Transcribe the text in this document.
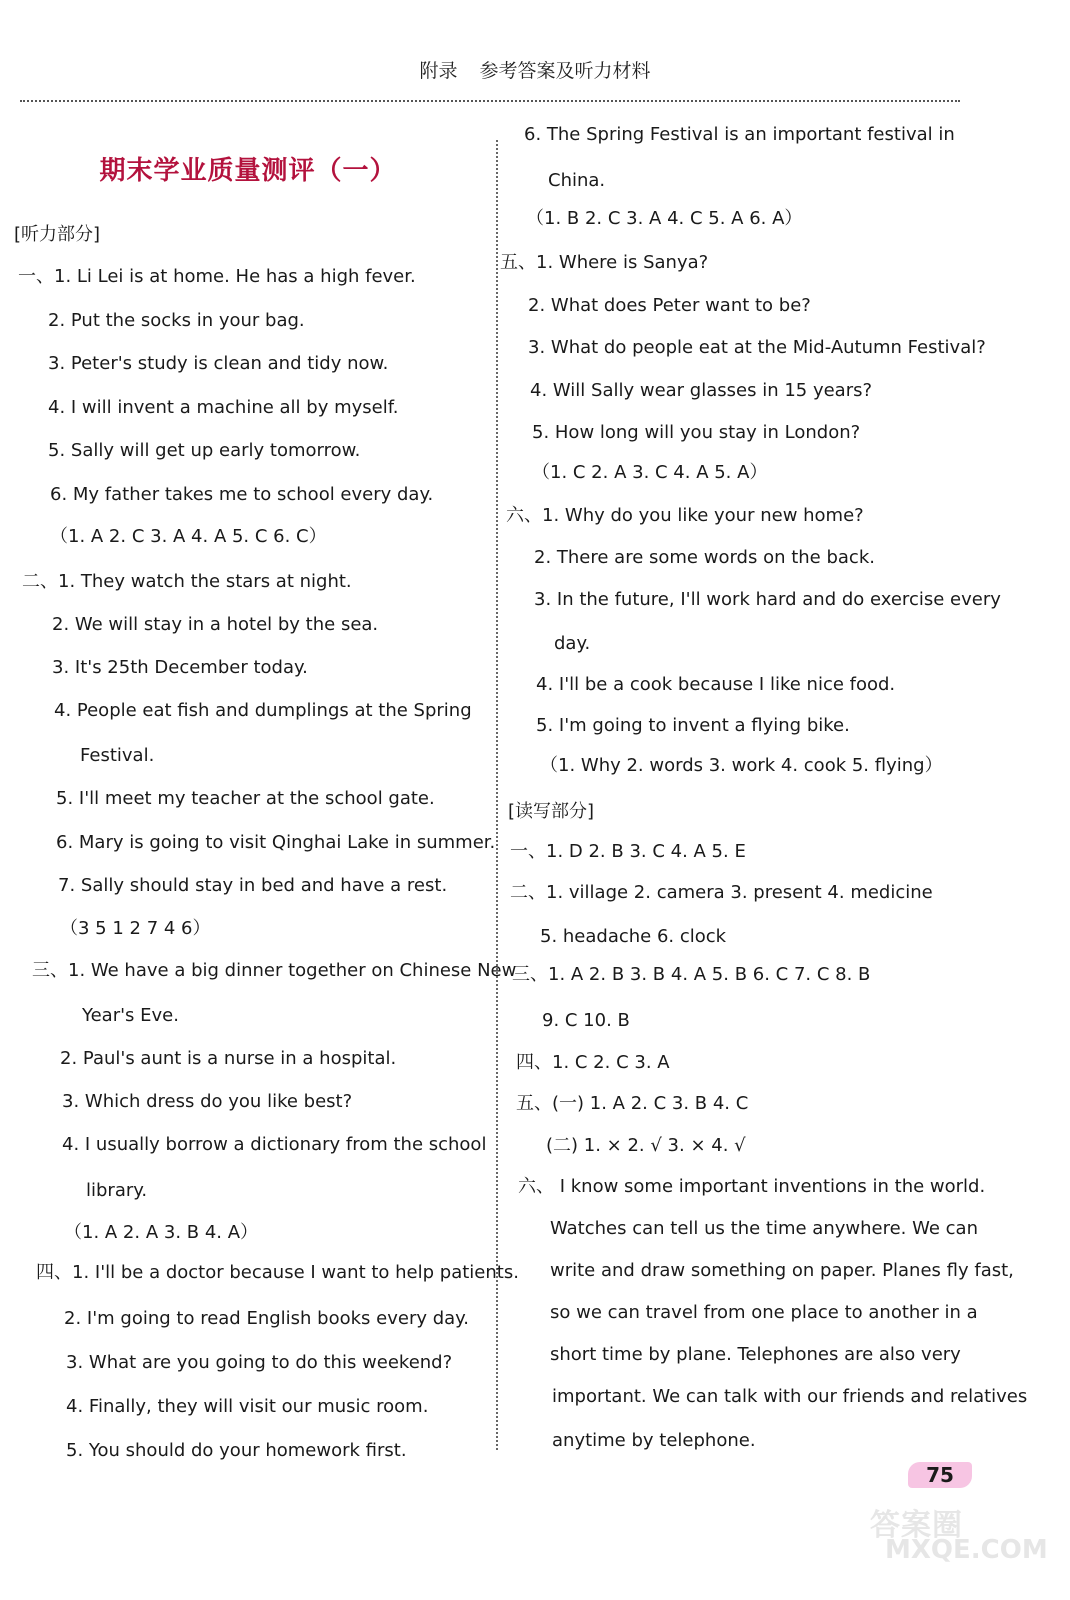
附录 参考答案及听力材料
期末学业质量测评（一）
[听力部分]
一、1. Li Lei is at home. He has a high fever.
2. Put the socks in your bag.
3. Peter's study is clean and tidy now.
4. I will invent a machine all by myself.
5. Sally will get up early tomorrow.
6. My father takes me to school every day.
（1. A 2. C 3. A 4. A 5. C 6. C）
二、1. They watch the stars at night.
2. We will stay in a hotel by the sea.
3. It's 25th December today.
4. People eat fish and dumplings at the Spring
Festival.
5. I'll meet my teacher at the school gate.
6. Mary is going to visit Qinghai Lake in summer.
7. Sally should stay in bed and have a rest.
（3 5 1 2 7 4 6）
三、1. We have a big dinner together on Chinese New
Year's Eve.
2. Paul's aunt is a nurse in a hospital.
3. Which dress do you like best?
4. I usually borrow a dictionary from the school
library.
（1. A 2. A 3. B 4. A）
四、1. I'll be a doctor because I want to help patients.
2. I'm going to read English books every day.
3. What are you going to do this weekend?
4. Finally, they will visit our music room.
5. You should do your homework first.
6. The Spring Festival is an important festival in
China.
（1. B 2. C 3. A 4. C 5. A 6. A）
五、1. Where is Sanya?
2. What does Peter want to be?
3. What do people eat at the Mid-Autumn Festival?
4. Will Sally wear glasses in 15 years?
5. How long will you stay in London?
（1. C 2. A 3. C 4. A 5. A）
六、1. Why do you like your new home?
2. There are some words on the back.
3. In the future, I'll work hard and do exercise every
day.
4. I'll be a cook because I like nice food.
5. I'm going to invent a flying bike.
（1. Why 2. words 3. work 4. cook 5. flying）
[读写部分]
一、1. D 2. B 3. C 4. A 5. E
二、1. village 2. camera 3. present 4. medicine
5. headache 6. clock
三、1. A 2. B 3. B 4. A 5. B 6. C 7. C 8. B
9. C 10. B
四、1. C 2. C 3. A
五、(一) 1. A 2. C 3. B 4. C
(二) 1. × 2. √ 3. × 4. √
六、 I know some important inventions in the world.
Watches can tell us the time anywhere. We can
write and draw something on paper. Planes fly fast,
so we can travel from one place to another in a
short time by plane. Telephones are also very
important. We can talk with our friends and relatives
anytime by telephone.
75
答案圈
MXQE.COM
